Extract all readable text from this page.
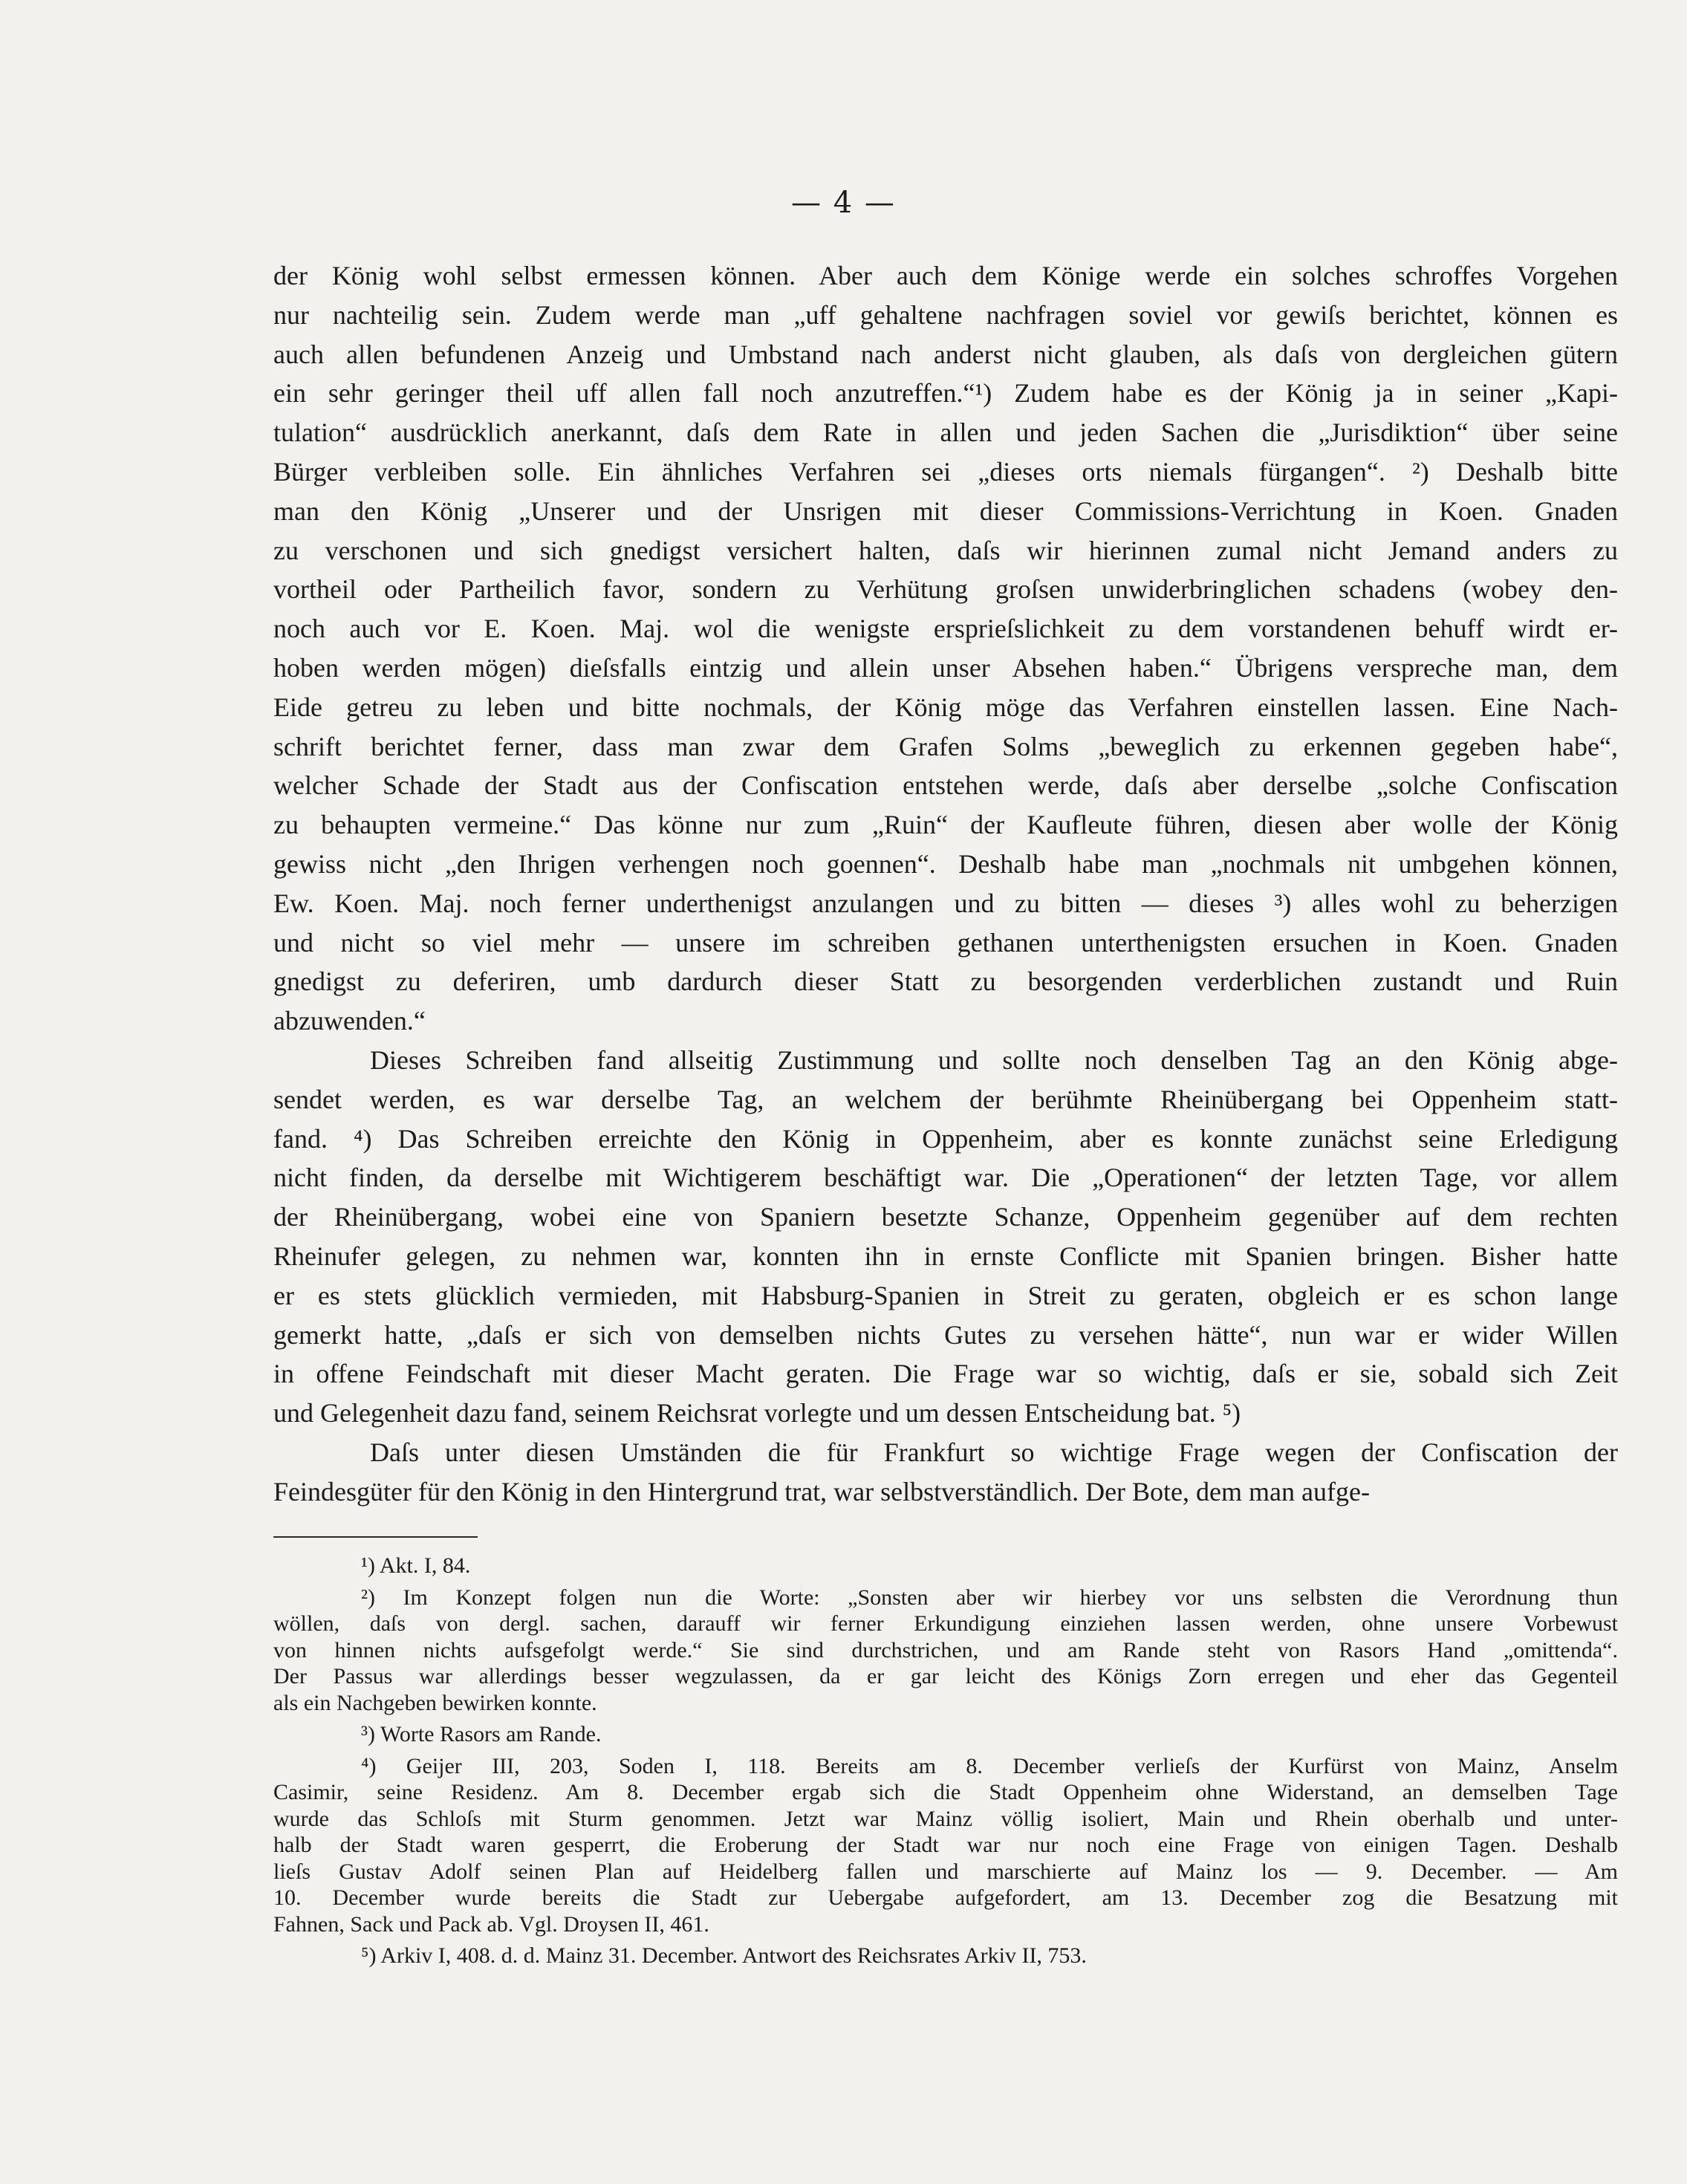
— 4 —

der König wohl selbst ermessen können. Aber auch dem Könige werde ein solches schroffes Vorgehen
nur nachteilig sein. Zudem werde man „uff gehaltene nachfragen soviel vor gewiſs berichtet, können es
auch allen befundenen Anzeig und Umbstand nach anderst nicht glauben, als daſs von dergleichen gütern
ein sehr geringer theil uff allen fall noch anzutreffen.“¹) Zudem habe es der König ja in seiner „Kapi-
tulation“ ausdrücklich anerkannt, daſs dem Rate in allen und jeden Sachen die „Jurisdiktion“ über seine
Bürger verbleiben solle. Ein ähnliches Verfahren sei „dieses orts niemals fürgangen“. ²) Deshalb bitte
man den König „Unserer und der Unsrigen mit dieser Commissions-Verrichtung in Koen. Gnaden
zu verschonen und sich gnedigst versichert halten, daſs wir hierinnen zumal nicht Jemand anders zu
vortheil oder Partheilich favor, sondern zu Verhütung groſsen unwiderbringlichen schadens (wobey den-
noch auch vor E. Koen. Maj. wol die wenigste ersprieſslichkeit zu dem vorstandenen behuff wirdt er-
hoben werden mögen) dieſsfalls eintzig und allein unser Absehen haben.“ Übrigens verspreche man, dem
Eide getreu zu leben und bitte nochmals, der König möge das Verfahren einstellen lassen. Eine Nach-
schrift berichtet ferner, dass man zwar dem Grafen Solms „beweglich zu erkennen gegeben habe“,
welcher Schade der Stadt aus der Confiscation entstehen werde, daſs aber derselbe „solche Confiscation
zu behaupten vermeine.“ Das könne nur zum „Ruin“ der Kaufleute führen, diesen aber wolle der König
gewiss nicht „den Ihrigen verhengen noch goennen“. Deshalb habe man „nochmals nit umbgehen können,
Ew. Koen. Maj. noch ferner underthenigst anzulangen und zu bitten — dieses ³) alles wohl zu beherzigen
und nicht so viel mehr — unsere im schreiben gethanen unterthenigsten ersuchen in Koen. Gnaden
gnedigst zu deferiren, umb dardurch dieser Statt zu besorgenden verderblichen zustandt und Ruin
abzuwenden.“

Dieses Schreiben fand allseitig Zustimmung und sollte noch denselben Tag an den König abge-
sendet werden, es war derselbe Tag, an welchem der berühmte Rheinübergang bei Oppenheim statt-
fand. ⁴) Das Schreiben erreichte den König in Oppenheim, aber es konnte zunächst seine Erledigung
nicht finden, da derselbe mit Wichtigerem beschäftigt war. Die „Operationen“ der letzten Tage, vor allem
der Rheinübergang, wobei eine von Spaniern besetzte Schanze, Oppenheim gegenüber auf dem rechten
Rheinufer gelegen, zu nehmen war, konnten ihn in ernste Conflicte mit Spanien bringen. Bisher hatte
er es stets glücklich vermieden, mit Habsburg-Spanien in Streit zu geraten, obgleich er es schon lange
gemerkt hatte, „daſs er sich von demselben nichts Gutes zu versehen hätte“, nun war er wider Willen
in offene Feindschaft mit dieser Macht geraten. Die Frage war so wichtig, daſs er sie, sobald sich Zeit
und Gelegenheit dazu fand, seinem Reichsrat vorlegte und um dessen Entscheidung bat. ⁵)

Daſs unter diesen Umständen die für Frankfurt so wichtige Frage wegen der Confiscation der
Feindesgüter für den König in den Hintergrund trat, war selbstverständlich. Der Bote, dem man aufge-

¹) Akt. I, 84.
²) Im Konzept folgen nun die Worte: „Sonsten aber wir hierbey vor uns selbsten die Verordnung thun
wöllen, daſs von dergl. sachen, darauff wir ferner Erkundigung einziehen lassen werden, ohne unsere Vorbewust
von hinnen nichts aufsgefolgt werde.“ Sie sind durchstrichen, und am Rande steht von Rasors Hand „omittenda“.
Der Passus war allerdings besser wegzulassen, da er gar leicht des Königs Zorn erregen und eher das Gegenteil
als ein Nachgeben bewirken konnte.
³) Worte Rasors am Rande.
⁴) Geijer III, 203, Soden I, 118. Bereits am 8. December verlieſs der Kurfürst von Mainz, Anselm
Casimir, seine Residenz. Am 8. December ergab sich die Stadt Oppenheim ohne Widerstand, an demselben Tage
wurde das Schloſs mit Sturm genommen. Jetzt war Mainz völlig isoliert, Main und Rhein oberhalb und unter-
halb der Stadt waren gesperrt, die Eroberung der Stadt war nur noch eine Frage von einigen Tagen. Deshalb
lieſs Gustav Adolf seinen Plan auf Heidelberg fallen und marschierte auf Mainz los — 9. December. — Am
10. December wurde bereits die Stadt zur Uebergabe aufgefordert, am 13. December zog die Besatzung mit
Fahnen, Sack und Pack ab. Vgl. Droysen II, 461.
⁵) Arkiv I, 408. d. d. Mainz 31. December. Antwort des Reichsrates Arkiv II, 753.
